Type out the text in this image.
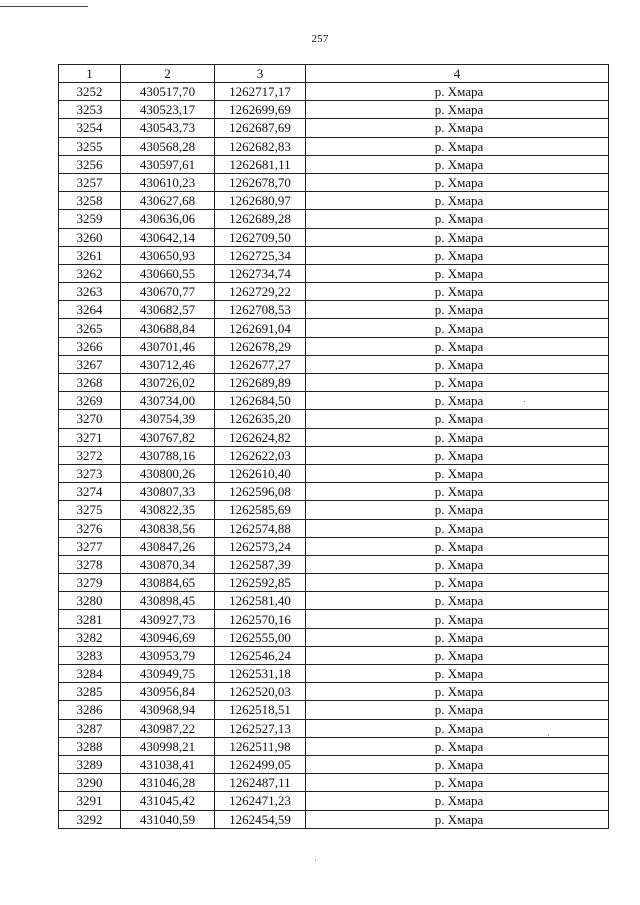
257
1	2	3	4
3252	430517,70	1262717,17	р. Хмара
3253	430523,17	1262699,69	р. Хмара
3254	430543,73	1262687,69	р. Хмара
3255	430568,28	1262682,83	р. Хмара
3256	430597,61	1262681,11	р. Хмара
3257	430610,23	1262678,70	р. Хмара
3258	430627,68	1262680,97	р. Хмара
3259	430636,06	1262689,28	р. Хмара
3260	430642,14	1262709,50	р. Хмара
3261	430650,93	1262725,34	р. Хмара
3262	430660,55	1262734,74	р. Хмара
3263	430670,77	1262729,22	р. Хмара
3264	430682,57	1262708,53	р. Хмара
3265	430688,84	1262691,04	р. Хмара
3266	430701,46	1262678,29	р. Хмара
3267	430712,46	1262677,27	р. Хмара
3268	430726,02	1262689,89	р. Хмара
3269	430734,00	1262684,50	р. Хмара
3270	430754,39	1262635,20	р. Хмара
3271	430767,82	1262624,82	р. Хмара
3272	430788,16	1262622,03	р. Хмара
3273	430800,26	1262610,40	р. Хмара
3274	430807,33	1262596,08	р. Хмара
3275	430822,35	1262585,69	р. Хмара
3276	430838,56	1262574,88	р. Хмара
3277	430847,26	1262573,24	р. Хмара
3278	430870,34	1262587,39	р. Хмара
3279	430884,65	1262592,85	р. Хмара
3280	430898,45	1262581,40	р. Хмара
3281	430927,73	1262570,16	р. Хмара
3282	430946,69	1262555,00	р. Хмара
3283	430953,79	1262546,24	р. Хмара
3284	430949,75	1262531,18	р. Хмара
3285	430956,84	1262520,03	р. Хмара
3286	430968,94	1262518,51	р. Хмара
3287	430987,22	1262527,13	р. Хмара
3288	430998,21	1262511,98	р. Хмара
3289	431038,41	1262499,05	р. Хмара
3290	431046,28	1262487,11	р. Хмара
3291	431045,42	1262471,23	р. Хмара
3292	431040,59	1262454,59	р. Хмара
